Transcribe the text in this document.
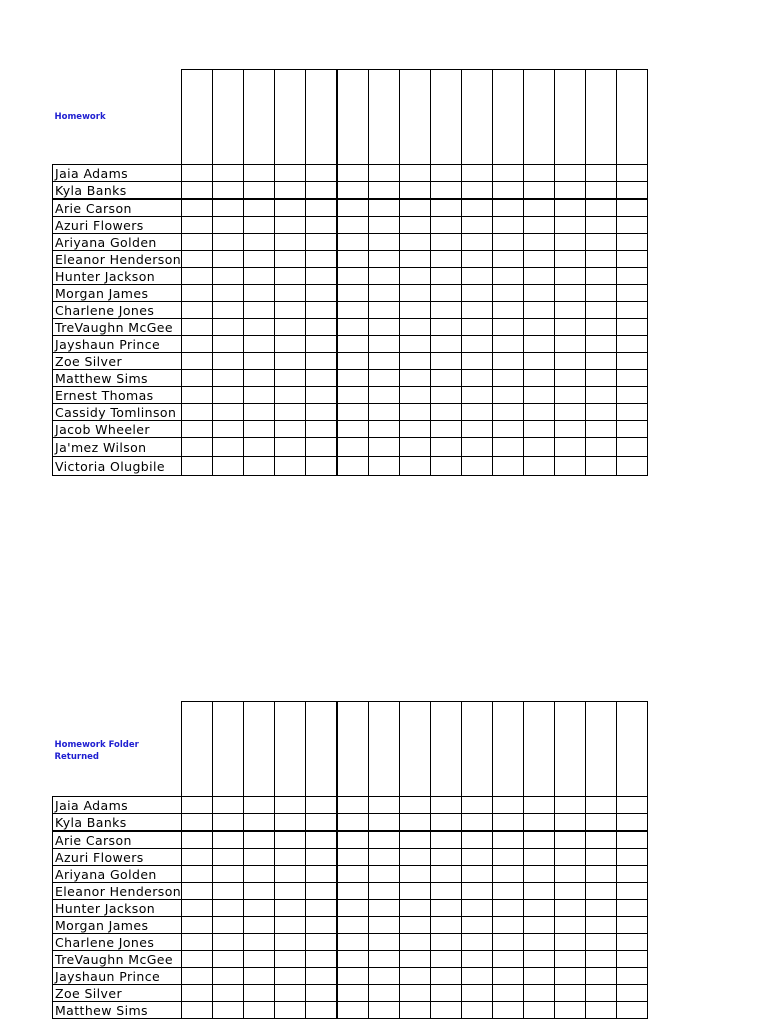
Homework															
Jaia Adams															
Kyla Banks															
Arie Carson															
Azuri Flowers															
Ariyana Golden															
Eleanor Henderson															
Hunter Jackson															
Morgan James															
Charlene Jones															
TreVaughn McGee															
Jayshaun Prince															
Zoe Silver															
Matthew Sims															
Ernest Thomas															
Cassidy Tomlinson															
Jacob Wheeler															
Ja'mez Wilson															
Victoria Olugbile															
Homework Folder Returned															
Jaia Adams															
Kyla Banks															
Arie Carson															
Azuri Flowers															
Ariyana Golden															
Eleanor Henderson															
Hunter Jackson															
Morgan James															
Charlene Jones															
TreVaughn McGee															
Jayshaun Prince															
Zoe Silver															
Matthew Sims															
